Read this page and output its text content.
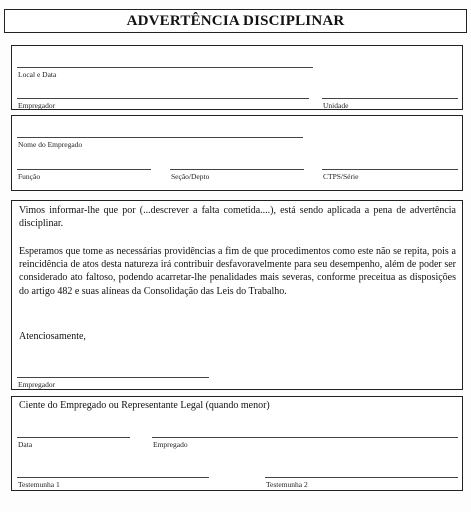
ADVERTÊNCIA DISCIPLINAR
Local e Data
Empregador	Unidade
Nome do Empregado
Função	Seção/Depto	CTPS/Série

Vimos informar-lhe que por (...descrever a falta cometida....), está sendo aplicada a pena de advertência disciplinar.

Esperamos que tome as necessárias providências a fim de que procedimentos como este não se repita, pois a reincidência de atos desta natureza irá contribuir desfavoravelmente para seu desempenho, além de poder ser considerado ato faltoso, podendo acarretar-lhe penalidades mais severas, conforme preceitua as disposições do artigo 482 e suas alíneas da Consolidação das Leis do Trabalho.

Atenciosamente,
Empregador
Ciente do Empregado ou Representante Legal (quando menor)
Data	Empregado
Testemunha 1	Testemunha 2
